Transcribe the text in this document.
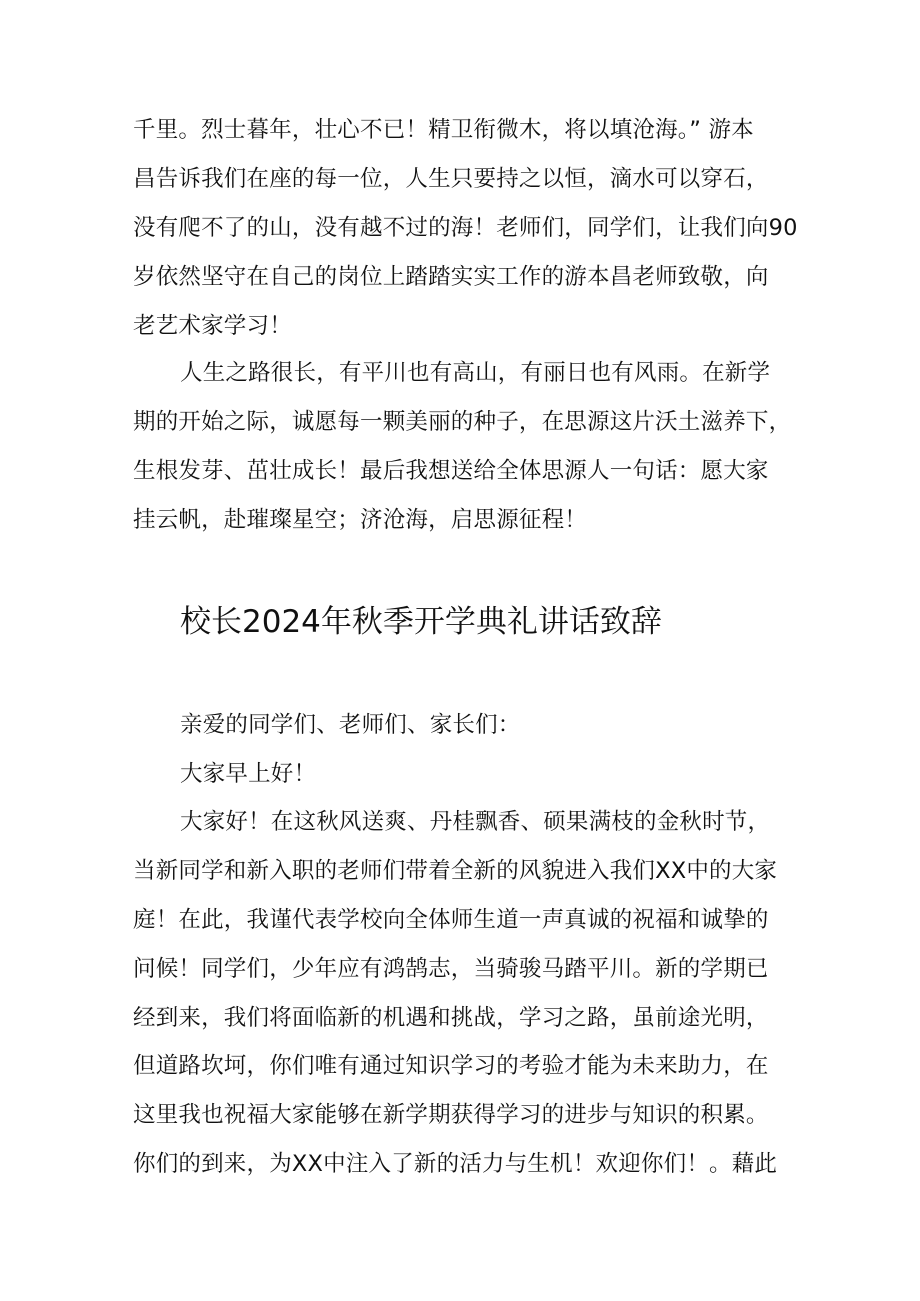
千里。烈士暮年，壮心不已！精卫衔微木，将以填沧海。” 游本
昌告诉我们在座的每一位，人生只要持之以恒，滴水可以穿石，
没有爬不了的山，没有越不过的海！老师们，同学们，让我们向90
岁依然坚守在自己的岗位上踏踏实实工作的游本昌老师致敬，向
老艺术家学习！
人生之路很长，有平川也有高山，有丽日也有风雨。在新学
期的开始之际，诚愿每一颗美丽的种子，在思源这片沃土滋养下，
生根发芽、茁壮成长！最后我想送给全体思源人一句话：愿大家
挂云帆，赴璀璨星空；济沧海，启思源征程！
校长2024年秋季开学典礼讲话致辞
亲爱的同学们、老师们、家长们：
大家早上好！
大家好！在这秋风送爽、丹桂飘香、硕果满枝的金秋时节，
当新同学和新入职的老师们带着全新的风貌进入我们XX中的大家
庭！在此，我谨代表学校向全体师生道一声真诚的祝福和诚挚的
问候！同学们，少年应有鸿鹄志，当骑骏马踏平川。新的学期已
经到来，我们将面临新的机遇和挑战，学习之路，虽前途光明，
但道路坎坷，你们唯有通过知识学习的考验才能为未来助力，在
这里我也祝福大家能够在新学期获得学习的进步与知识的积累。
你们的到来，为XX中注入了新的活力与生机！欢迎你们！。藉此
